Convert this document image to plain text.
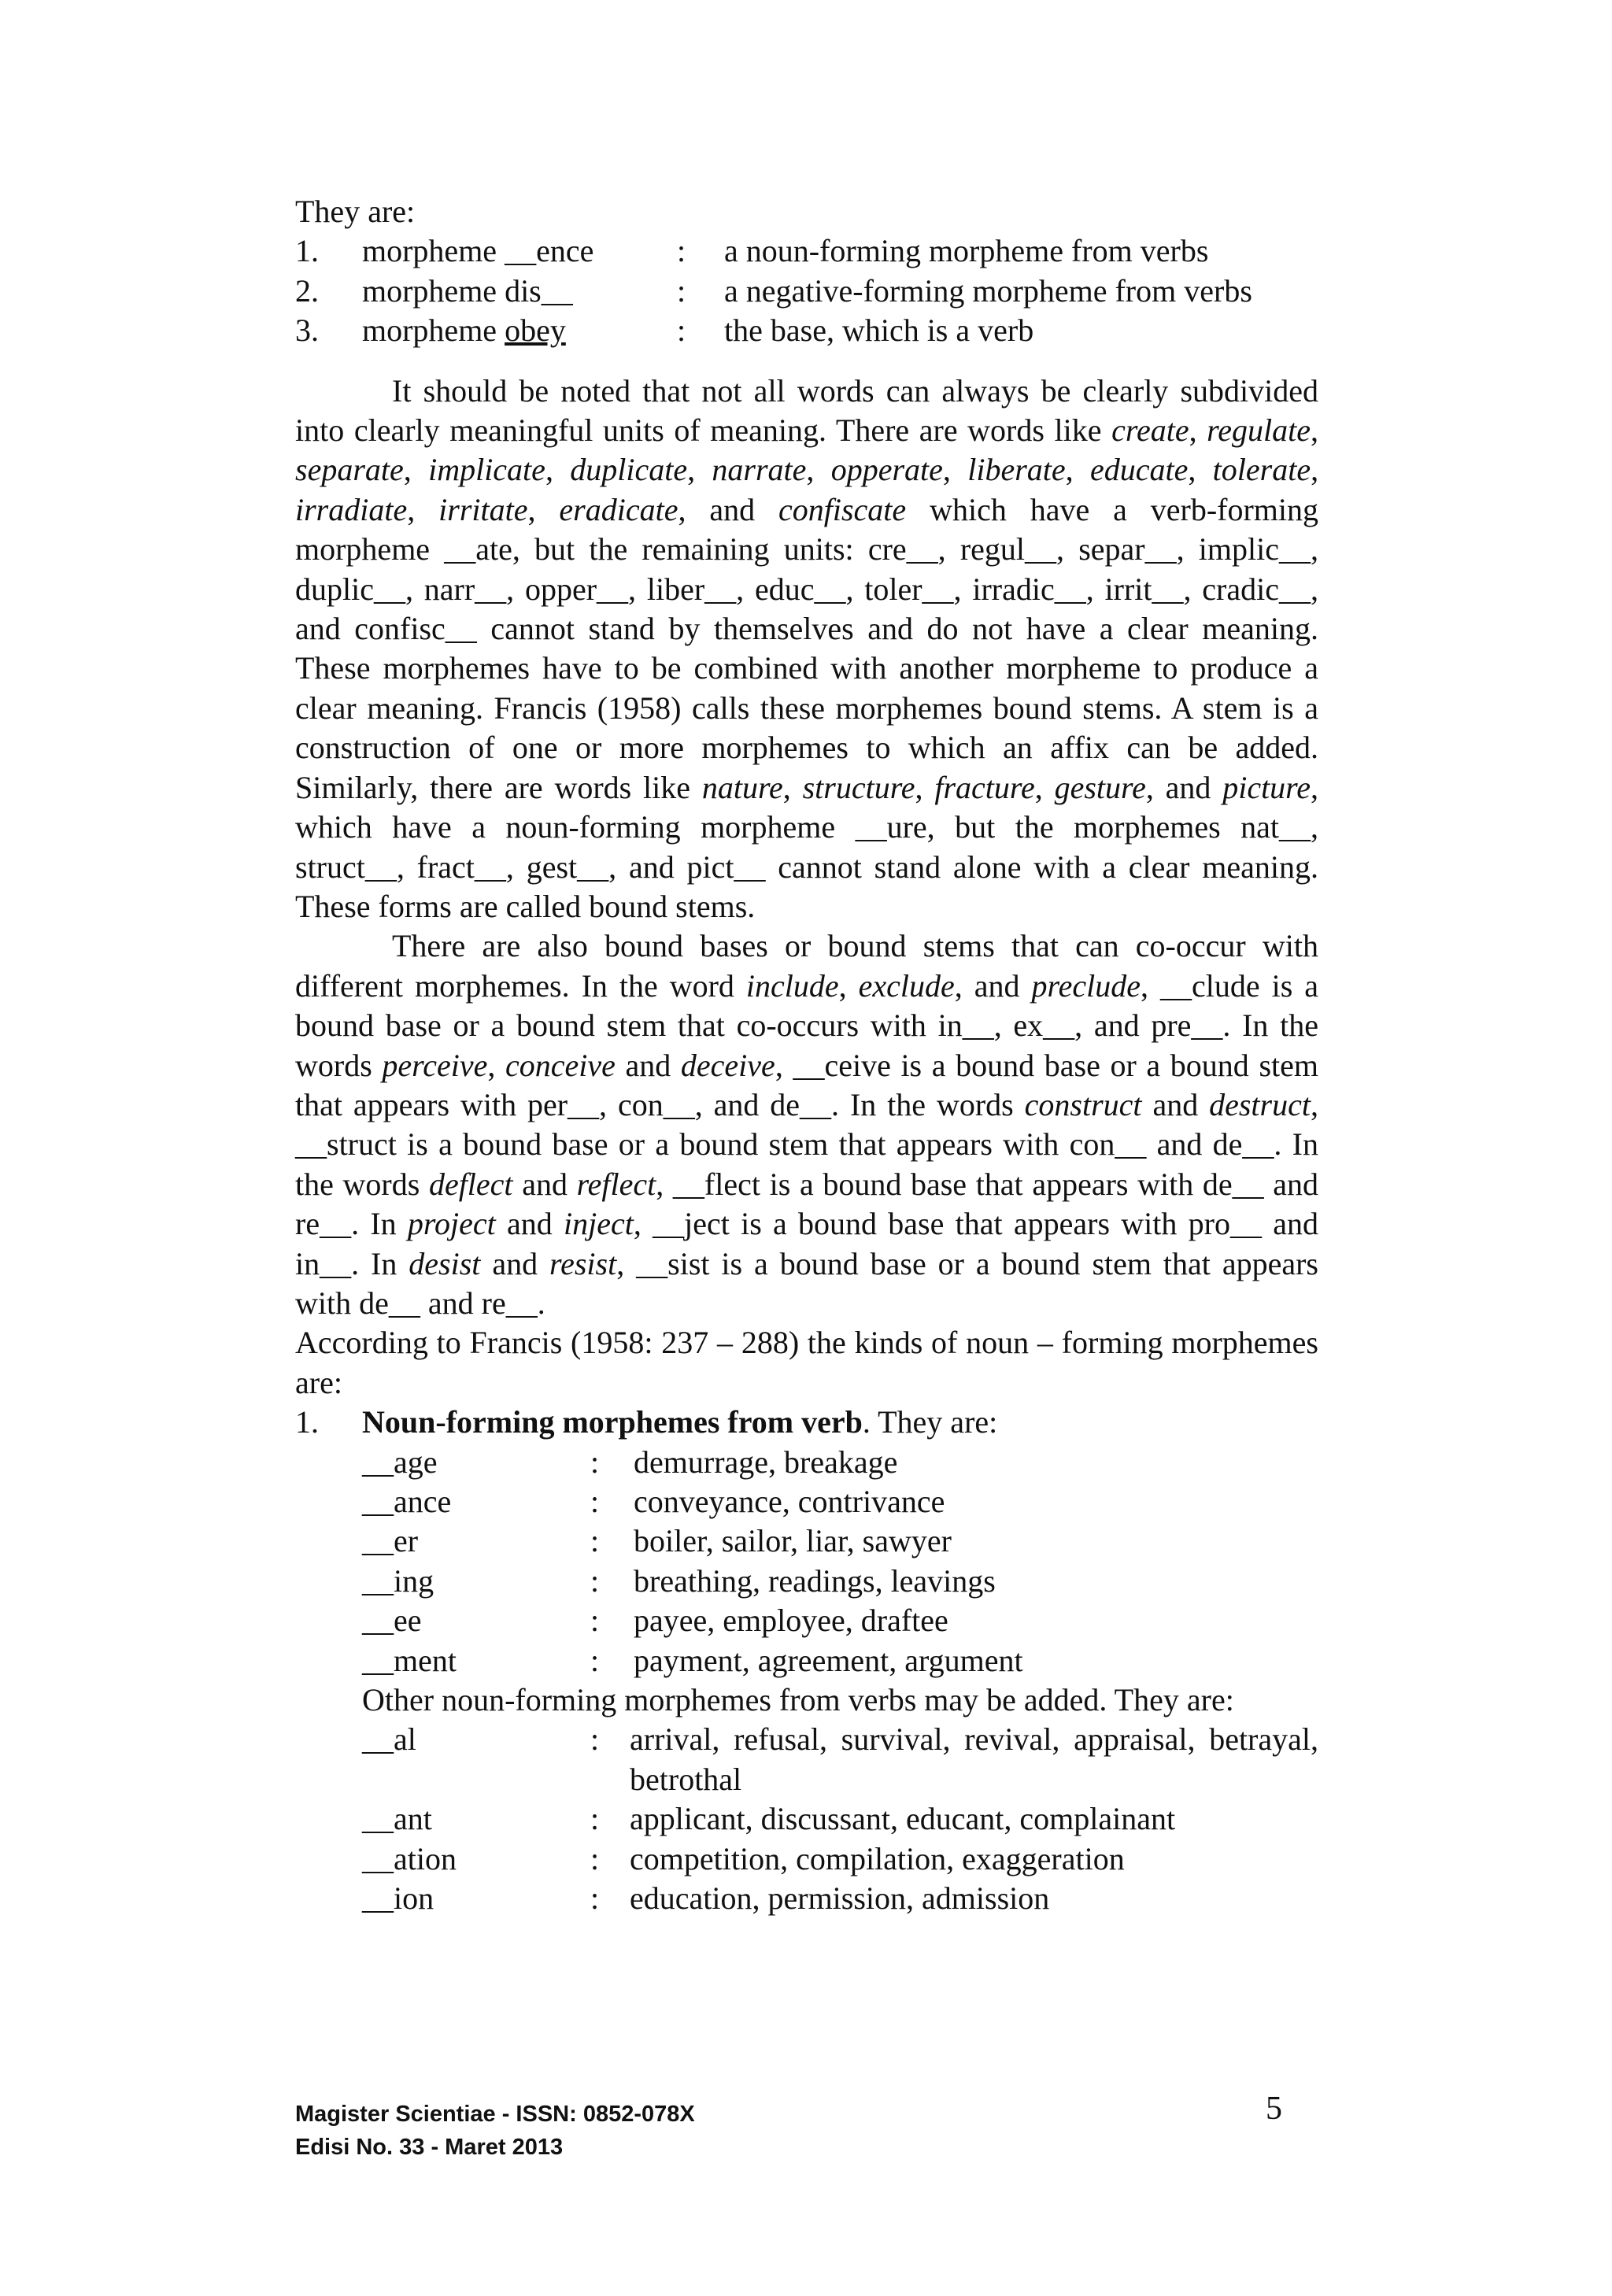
They are:

1.	morpheme __ence	:	a noun-forming morpheme from verbs
2.	morpheme dis__	:	a negative-forming morpheme from verbs
3.	morpheme obey	:	the base, which is a verb

It should be noted that not all words can always be clearly subdivided into clearly meaningful units of meaning. There are words like create, regulate, separate, implicate, duplicate, narrate, opperate, liberate, educate, tolerate, irradiate, irritate, eradicate, and confiscate which have a verb-forming morpheme __ate, but the remaining units: cre__, regul__, separ__, implic__, duplic__, narr__, opper__, liber__, educ__, toler__, irradic__, irrit__, cradic__, and confisc__ cannot stand by themselves and do not have a clear meaning. These morphemes have to be combined with another morpheme to produce a clear meaning. Francis (1958) calls these morphemes bound stems. A stem is a construction of one or more morphemes to which an affix can be added. Similarly, there are words like nature, structure, fracture, gesture, and picture, which have a noun-forming morpheme __ure, but the morphemes nat__, struct__, fract__, gest__, and pict__ cannot stand alone with a clear meaning. These forms are called bound stems.

There are also bound bases or bound stems that can co-occur with different morphemes. In the word include, exclude, and preclude, __clude is a bound base or a bound stem that co-occurs with in__, ex__, and pre__. In the words perceive, conceive and deceive, __ceive is a bound base or a bound stem that appears with per__, con__, and de__. In the words construct and destruct, __struct is a bound base or a bound stem that appears with con__ and de__. In the words deflect and reflect, __flect is a bound base that appears with de__ and re__. In project and inject, __ject is a bound base that appears with pro__ and in__. In desist and resist, __sist is a bound base or a bound stem that appears with de__ and re__.

According to Francis (1958: 237 – 288) the kinds of noun – forming morphemes are:

1.	Noun-forming morphemes from verb. They are:
__age	:	demurrage, breakage
__ance	:	conveyance, contrivance
__er	:	boiler, sailor, liar, sawyer
__ing	:	breathing, readings, leavings
__ee	:	payee, employee, draftee
__ment	:	payment, agreement, argument

Other noun-forming morphemes from verbs may be added. They are:

__al	: arrival, refusal, survival, revival, appraisal, betrayal, betrothal
__ant	: applicant, discussant, educant, complainant
__ation	: competition, compilation, exaggeration
__ion	: education, permission, admission
Magister Scientiae - ISSN: 0852-078X
Edisi No. 33 - Maret 2013
5
